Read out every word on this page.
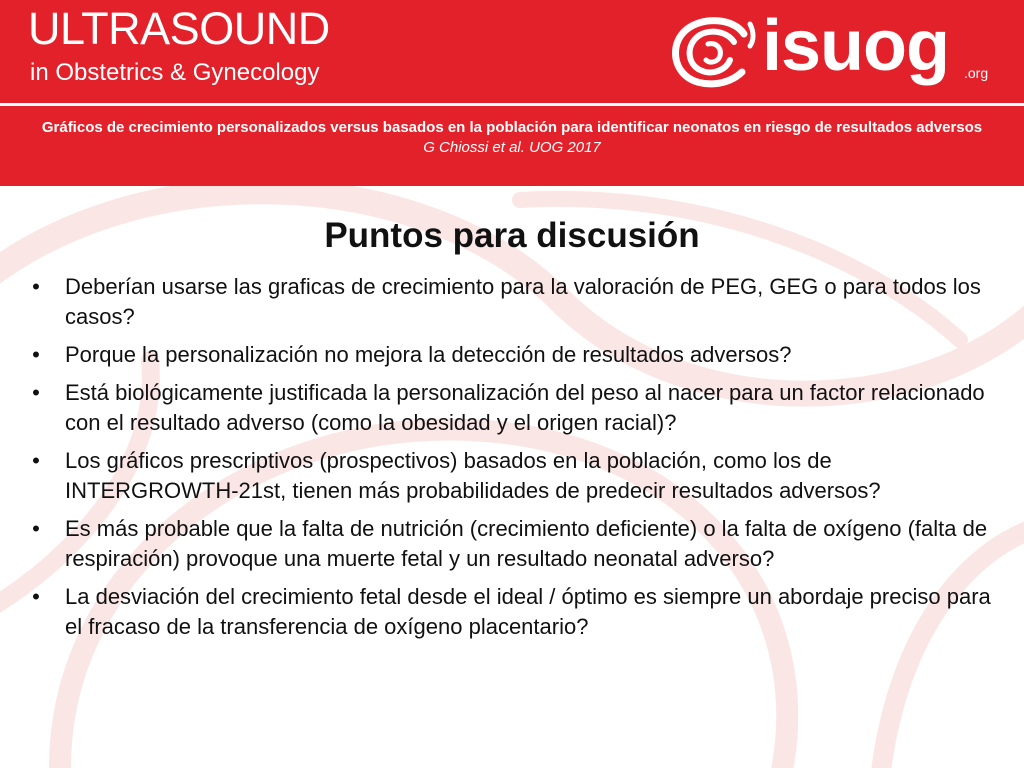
ULTRASOUND
in Obstetrics & Gynecology	isuog .org
Gráficos de crecimiento personalizados versus basados en la población para identificar neonatos en riesgo de resultados adversos
G Chiossi et al. UOG 2017
Puntos para discusión
• Deberían usarse las graficas de crecimiento para la valoración de PEG, GEG o para todos los casos?
• Porque la personalización no mejora la detección de resultados adversos?
• Está biológicamente justificada la personalización del peso al nacer para un factor relacionado con el resultado adverso (como la obesidad y el origen racial)?
• Los gráficos prescriptivos (prospectivos) basados en la población, como los de INTERGROWTH-21st, tienen más probabilidades de predecir resultados adversos?
• Es más probable que la falta de nutrición (crecimiento deficiente) o la falta de oxígeno (falta de respiración) provoque una muerte fetal y un resultado neonatal adverso?
• La desviación del crecimiento fetal desde el ideal / óptimo es siempre un abordaje preciso para el fracaso de la transferencia de oxígeno placentario?
